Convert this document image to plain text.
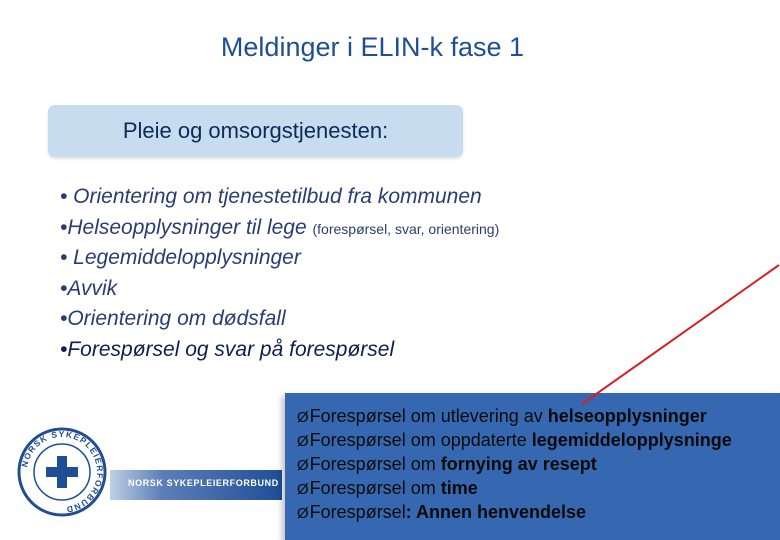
Meldinger i ELIN-k fase 1
Pleie og omsorgstjenesten:
• Orientering om tjenestetilbud fra kommunen
•Helseopplysninger til lege (forespørsel, svar, orientering)
• Legemiddelopplysninger
•Avvik
•Orientering om dødsfall
•Forespørsel og svar på forespørsel
NORSK SYKEPLEIERFORBUND
NORSK SYKEPLEIERFORBUND
ØForespørsel om utlevering av helseopplysninger
ØForespørsel om oppdaterte legemiddelopplysninge
ØForespørsel om fornying av resept
ØForespørsel om time
ØForespørsel: Annen henvendelse
